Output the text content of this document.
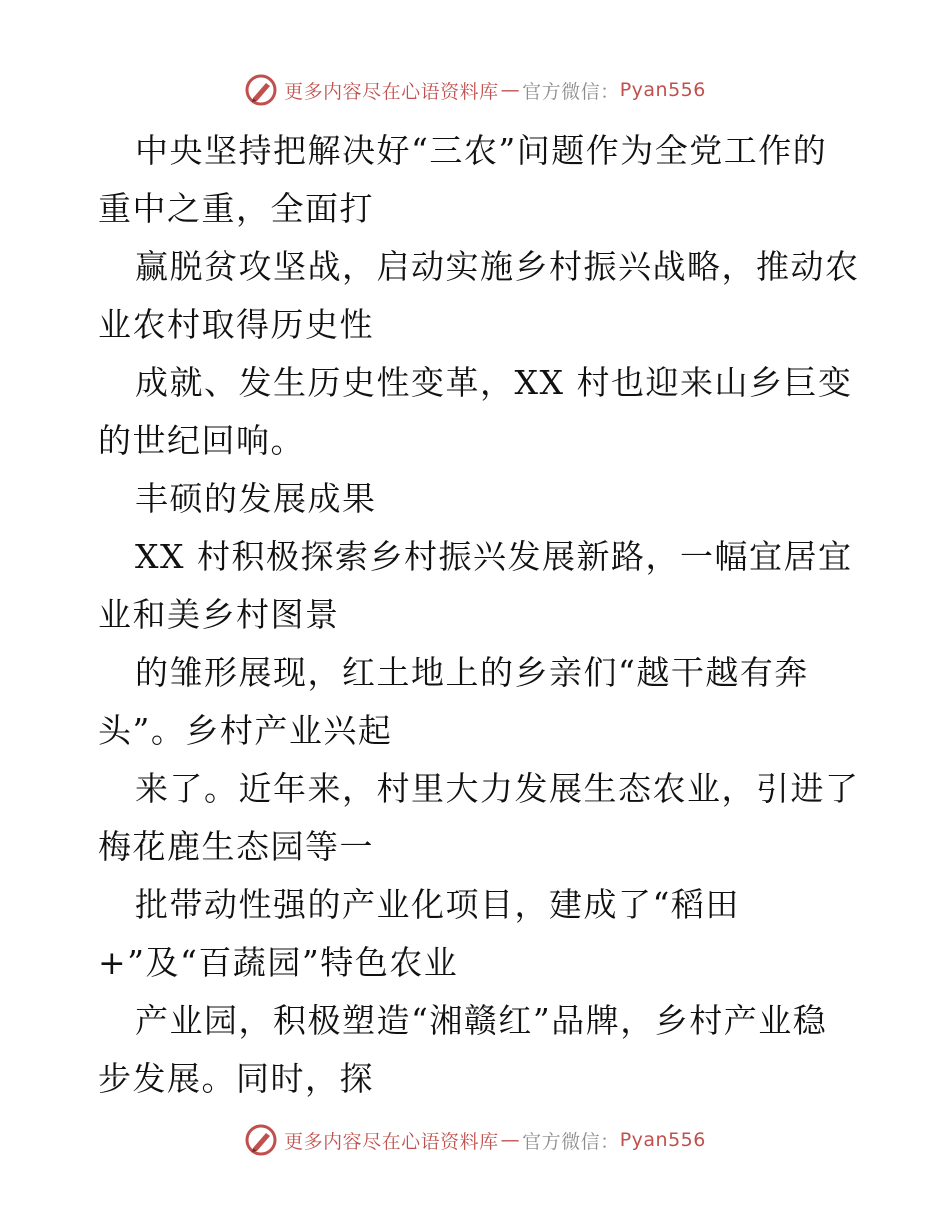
更多内容尽在心语资料库 — 官方微信： Pyan556

中央坚持把解决好“三农”问题作为全党工作的
重中之重，全面打

赢脱贫攻坚战，启动实施乡村振兴战略，推动农
业农村取得历史性

成就、发生历史性变革，XX 村也迎来山乡巨变
的世纪回响。

丰硕的发展成果

XX 村积极探索乡村振兴发展新路，一幅宜居宜
业和美乡村图景

的雏形展现，红土地上的乡亲们“越干越有奔
头”。乡村产业兴起

来了。近年来，村里大力发展生态农业，引进了
梅花鹿生态园等一

批带动性强的产业化项目，建成了“稻田
+”及“百蔬园”特色农业

产业园，积极塑造“湘赣红”品牌，乡村产业稳
步发展。同时，探

更多内容尽在心语资料库 — 官方微信： Pyan556
